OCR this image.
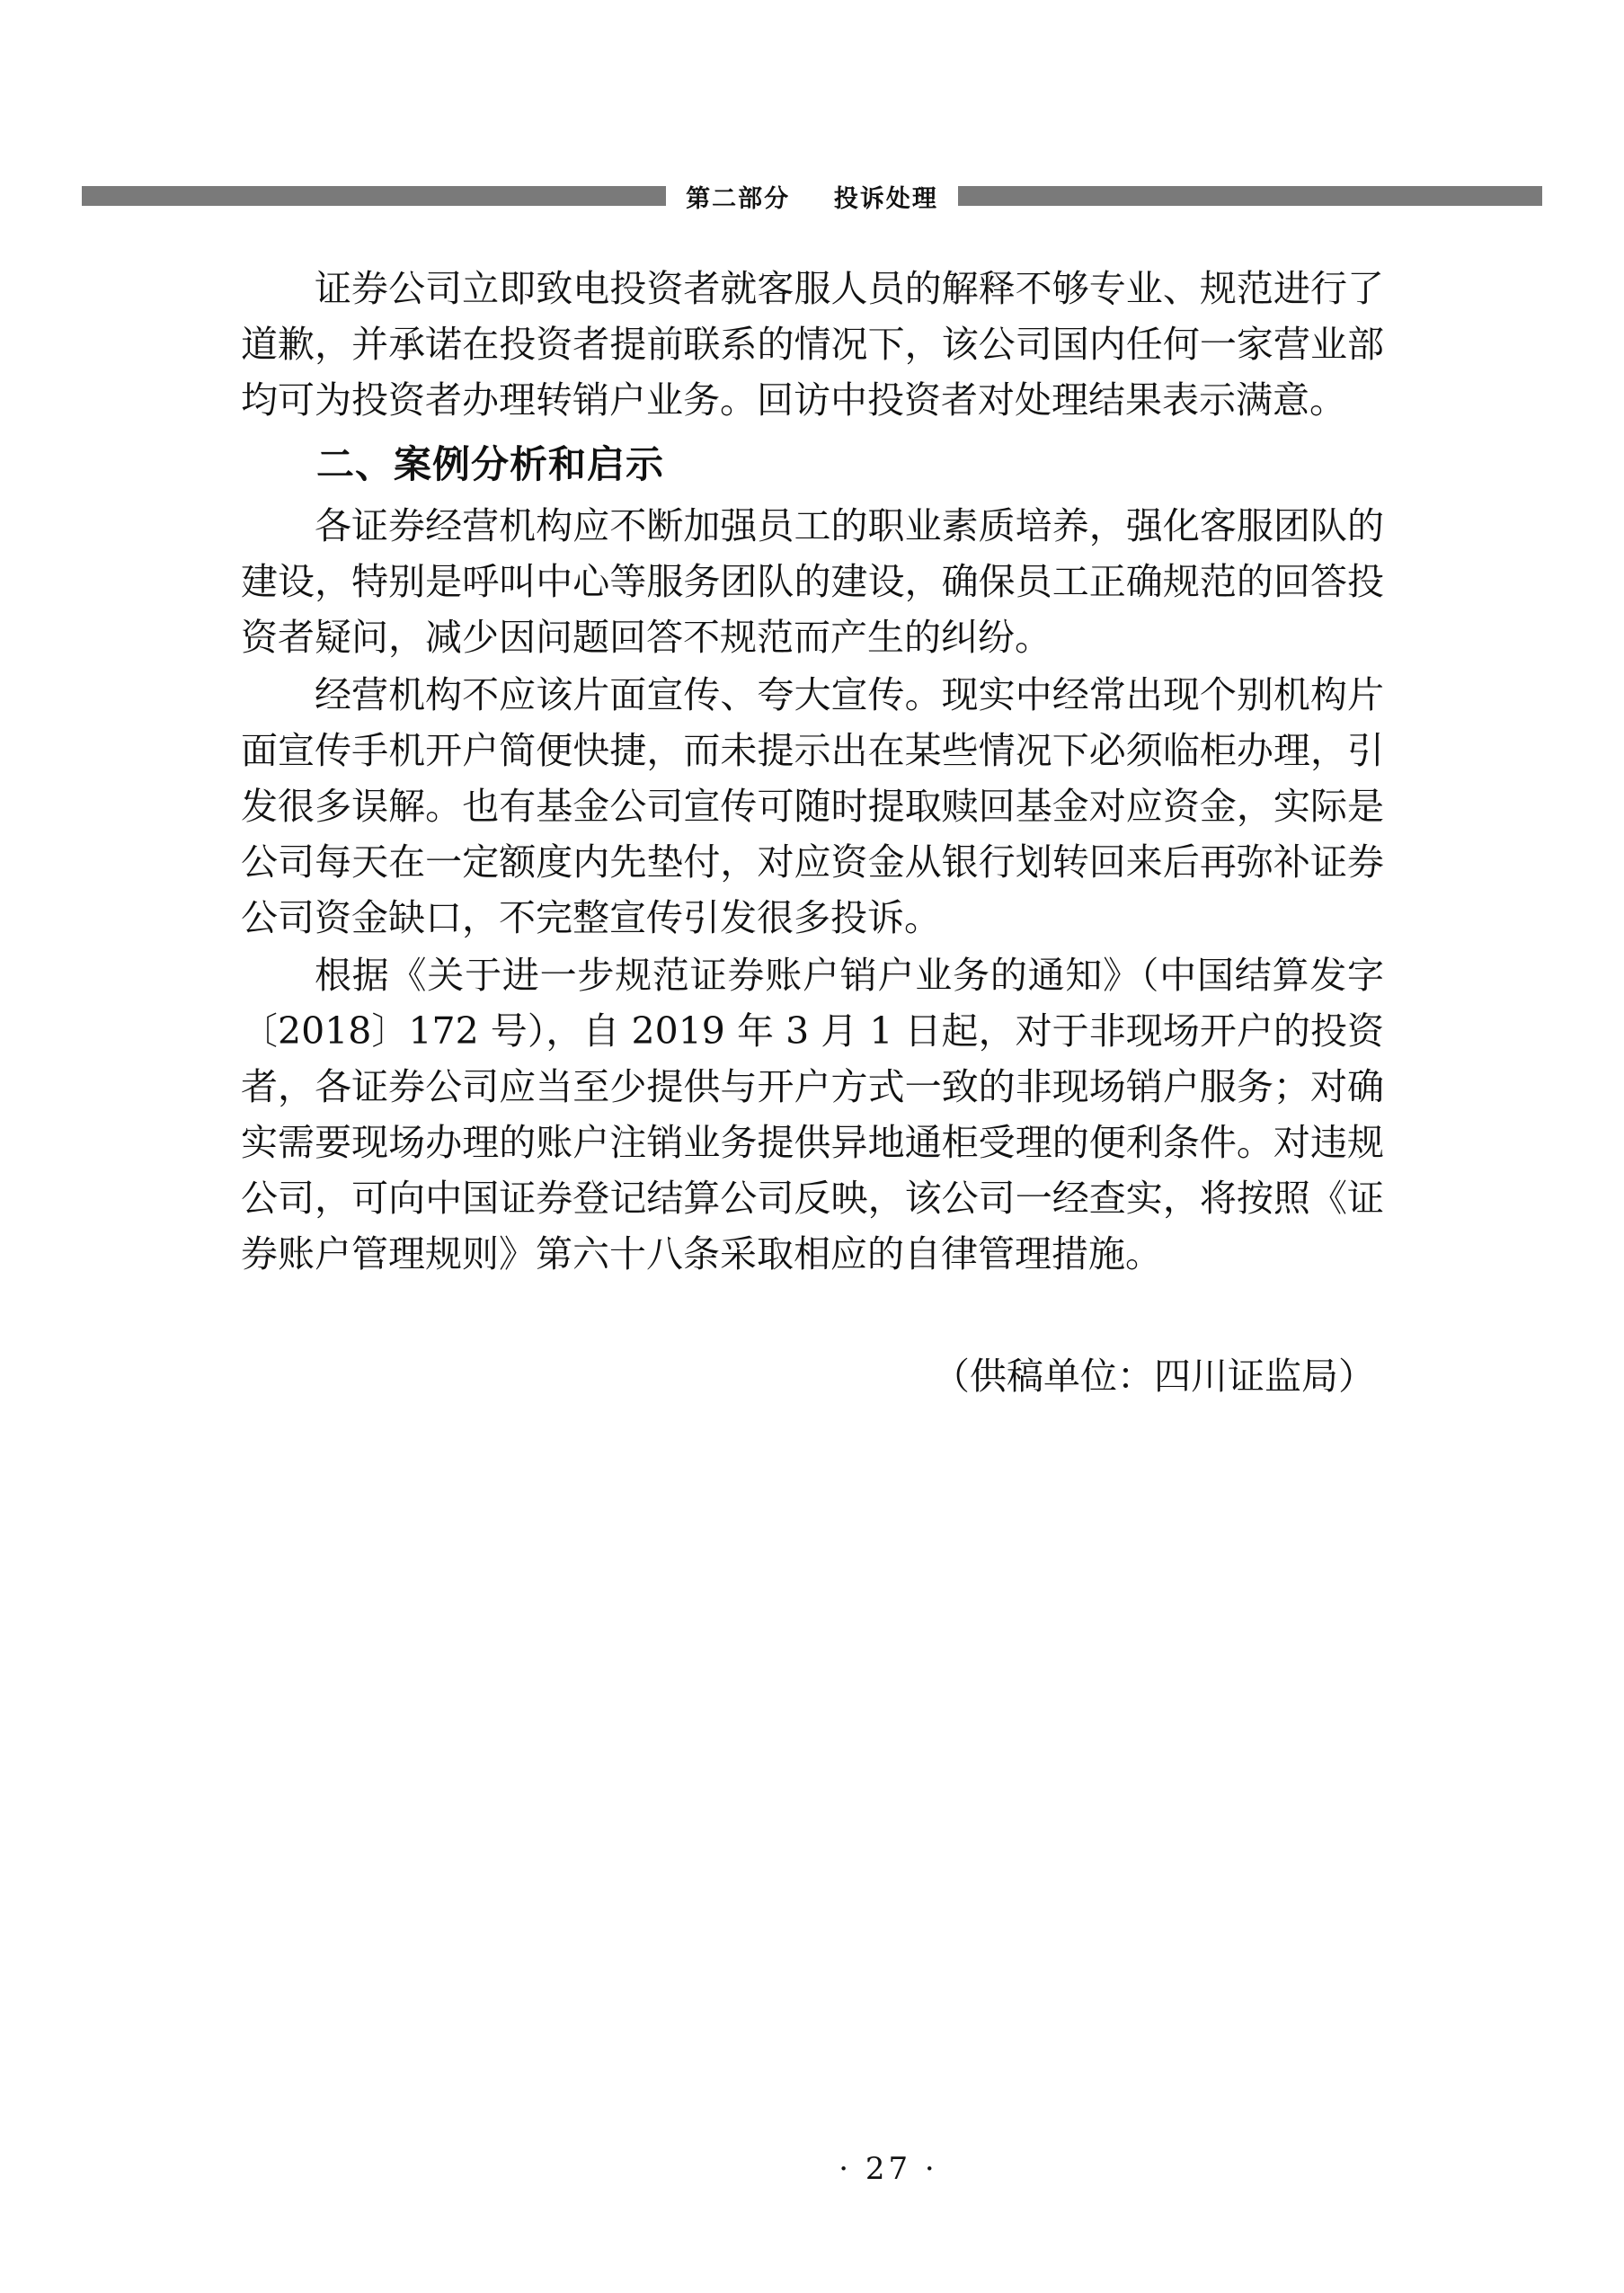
第二部分 投诉处理

证券公司立即致电投资者就客服人员的解释不够专业、规范进行了道歉，并承诺在投资者提前联系的情况下，该公司国内任何一家营业部均可为投资者办理转销户业务。回访中投资者对处理结果表示满意。

二、案例分析和启示

各证券经营机构应不断加强员工的职业素质培养，强化客服团队的建设，特别是呼叫中心等服务团队的建设，确保员工正确规范的回答投资者疑问，减少因问题回答不规范而产生的纠纷。

经营机构不应该片面宣传、夸大宣传。现实中经常出现个别机构片面宣传手机开户简便快捷，而未提示出在某些情况下必须临柜办理，引发很多误解。也有基金公司宣传可随时提取赎回基金对应资金，实际是公司每天在一定额度内先垫付，对应资金从银行划转回来后再弥补证券公司资金缺口，不完整宣传引发很多投诉。

根据《关于进一步规范证券账户销户业务的通知》（中国结算发字〔2018〕172 号），自 2019 年 3 月 1 日起，对于非现场开户的投资者，各证券公司应当至少提供与开户方式一致的非现场销户服务；对确实需要现场办理的账户注销业务提供异地通柜受理的便利条件。对违规公司，可向中国证券登记结算公司反映，该公司一经查实，将按照《证券账户管理规则》第六十八条采取相应的自律管理措施。

（供稿单位：四川证监局）
· 27 ·
